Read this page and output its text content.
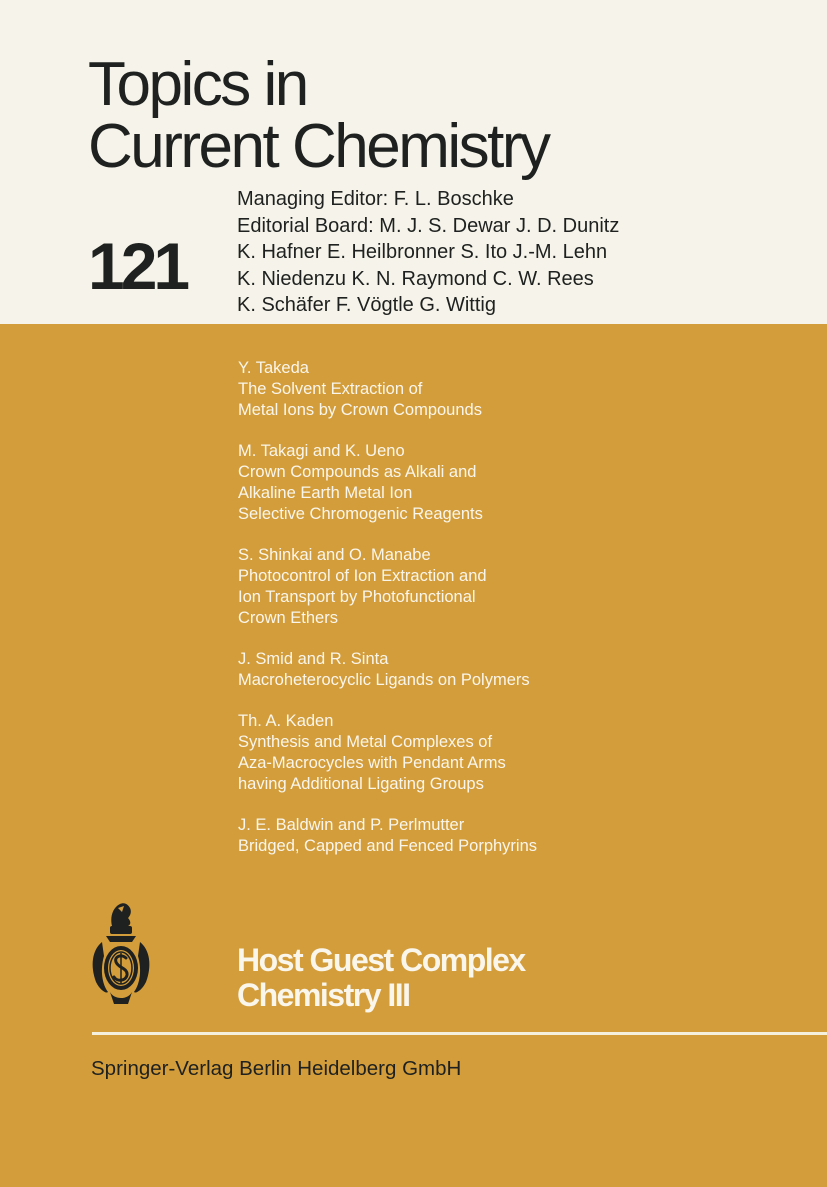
Topics in
Current Chemistry
121
Managing Editor: F. L. Boschke
Editorial Board: M. J. S. Dewar J. D. Dunitz
K. Hafner E. Heilbronner S. Ito J.-M. Lehn
K. Niedenzu K. N. Raymond C. W. Rees
K. Schäfer F. Vögtle G. Wittig
Y. Takeda
The Solvent Extraction of
Metal Ions by Crown Compounds
M. Takagi and K. Ueno
Crown Compounds as Alkali and
Alkaline Earth Metal Ion
Selective Chromogenic Reagents
S. Shinkai and O. Manabe
Photocontrol of Ion Extraction and
Ion Transport by Photofunctional
Crown Ethers
J. Smid and R. Sinta
Macroheterocyclic Ligands on Polymers
Th. A. Kaden
Synthesis and Metal Complexes of
Aza-Macrocycles with Pendant Arms
having Additional Ligating Groups
J. E. Baldwin and P. Perlmutter
Bridged, Capped and Fenced Porphyrins
Host Guest Complex
Chemistry III
Springer-Verlag Berlin Heidelberg GmbH
